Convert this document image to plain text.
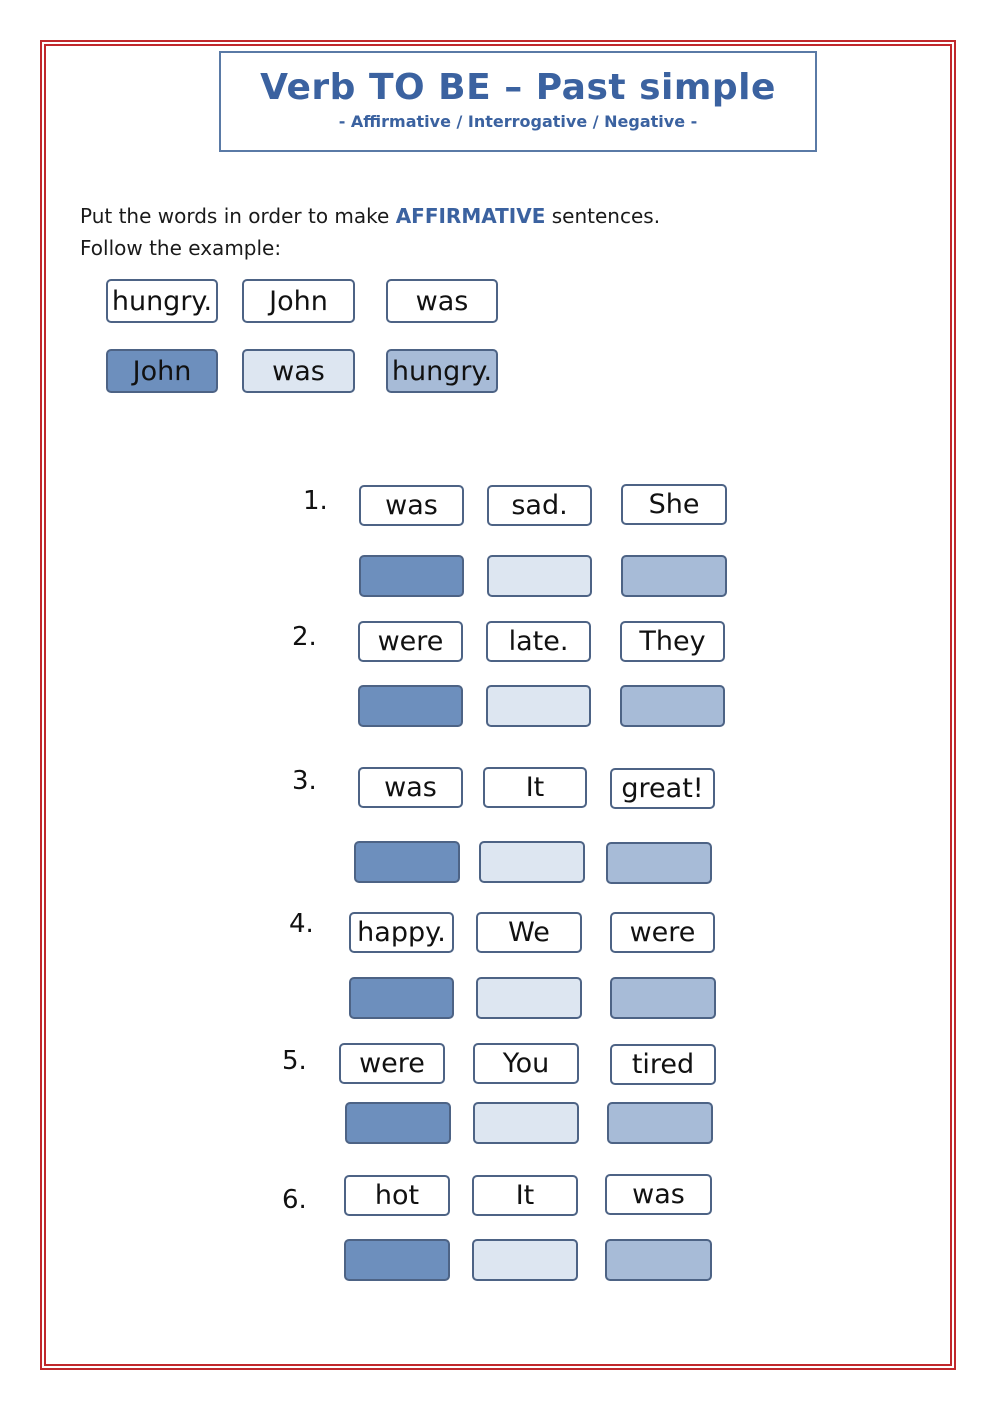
Verb TO BE – Past simple
- Affirmative / Interrogative / Negative -
Put the words in order to make AFFIRMATIVE sentences.
Follow the example:
hungry.	John	was
John	was	hungry.
1.	was	sad.	She
2.	were	late.	They
3.	was	It	great!
4.	happy.	We	were
5.	were	You	tired
6.	hot	It	was
